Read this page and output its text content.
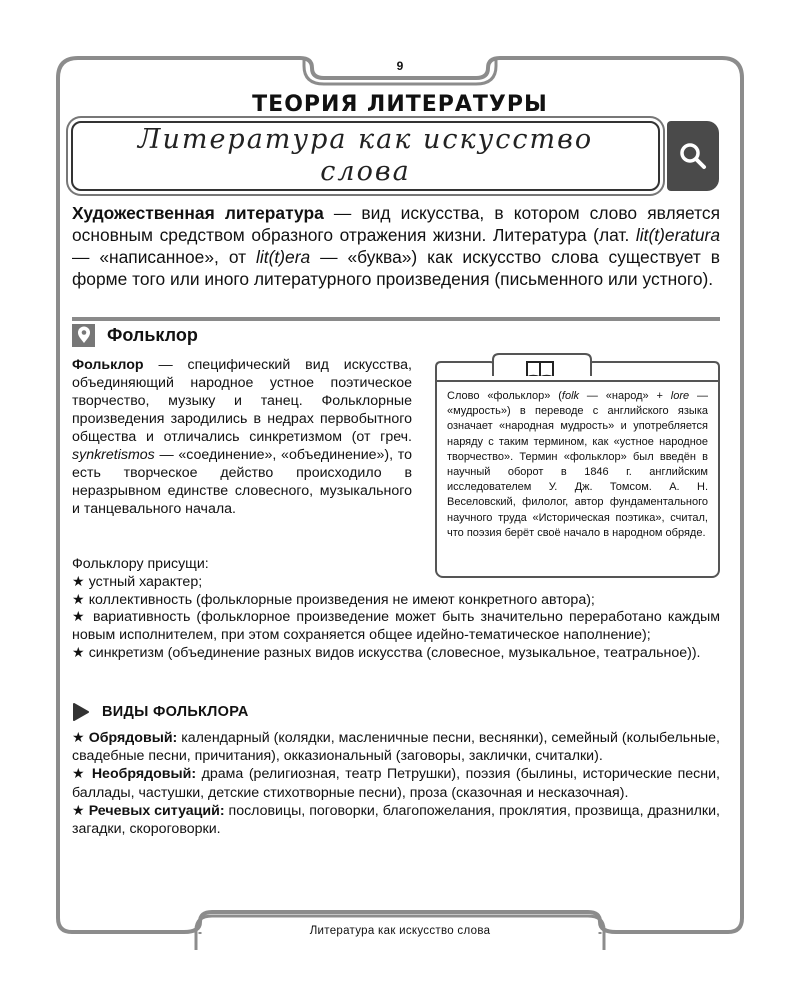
9
ТЕОРИЯ ЛИТЕРАТУРЫ
Литература как искусство слова
Художественная литература — вид искусства, в котором слово является основным средством образного отражения жизни. Литература (лат. lit(t)eratura — «написанное», от lit(t)era — «буква») как искусство слова существует в форме того или иного литературного произведения (письменного или устного).
Фольклор
Фольклор — специфический вид искусства, объединяющий народное устное поэтическое творчество, музыку и танец. Фольклорные произведения зародились в недрах первобытного общества и отличались синкретизмом (от греч. synkretismos — «соединение», «объединение»), то есть творческое действо происходило в неразрывном единстве словесного, музыкального и танцевального начала.
Слово «фольклор» (folk — «народ» + lore — «мудрость») в переводе с английского языка означает «народная мудрость» и употребляется наряду с таким термином, как «устное народное творчество». Термин «фольклор» был введён в научный оборот в 1846 г. английским исследователем У. Дж. Томсом. А. Н. Веселовский, филолог, автор фундаментального научного труда «Историческая поэтика», считал, что поэзия берёт своё начало в народном обряде.
Фольклору присущи:
★ устный характер;
★ коллективность (фольклорные произведения не имеют конкретного автора);
★ вариативность (фольклорное произведение может быть значительно переработано каждым новым исполнителем, при этом сохраняется общее идейно-тематическое наполнение);
★ синкретизм (объединение разных видов искусства (словесное, музыкальное, театральное)).
ВИДЫ ФОЛЬКЛОРА
★ Обрядовый: календарный (колядки, масленичные песни, веснянки), семейный (колыбельные, свадебные песни, причитания), окказиональный (заговоры, заклички, считалки).
★ Необрядовый: драма (религиозная, театр Петрушки), поэзия (былины, исторические песни, баллады, частушки, детские стихотворные песни), проза (сказочная и несказочная).
★ Речевых ситуаций: пословицы, поговорки, благопожелания, проклятия, прозвища, дразнилки, загадки, скороговорки.
Литература как искусство слова
